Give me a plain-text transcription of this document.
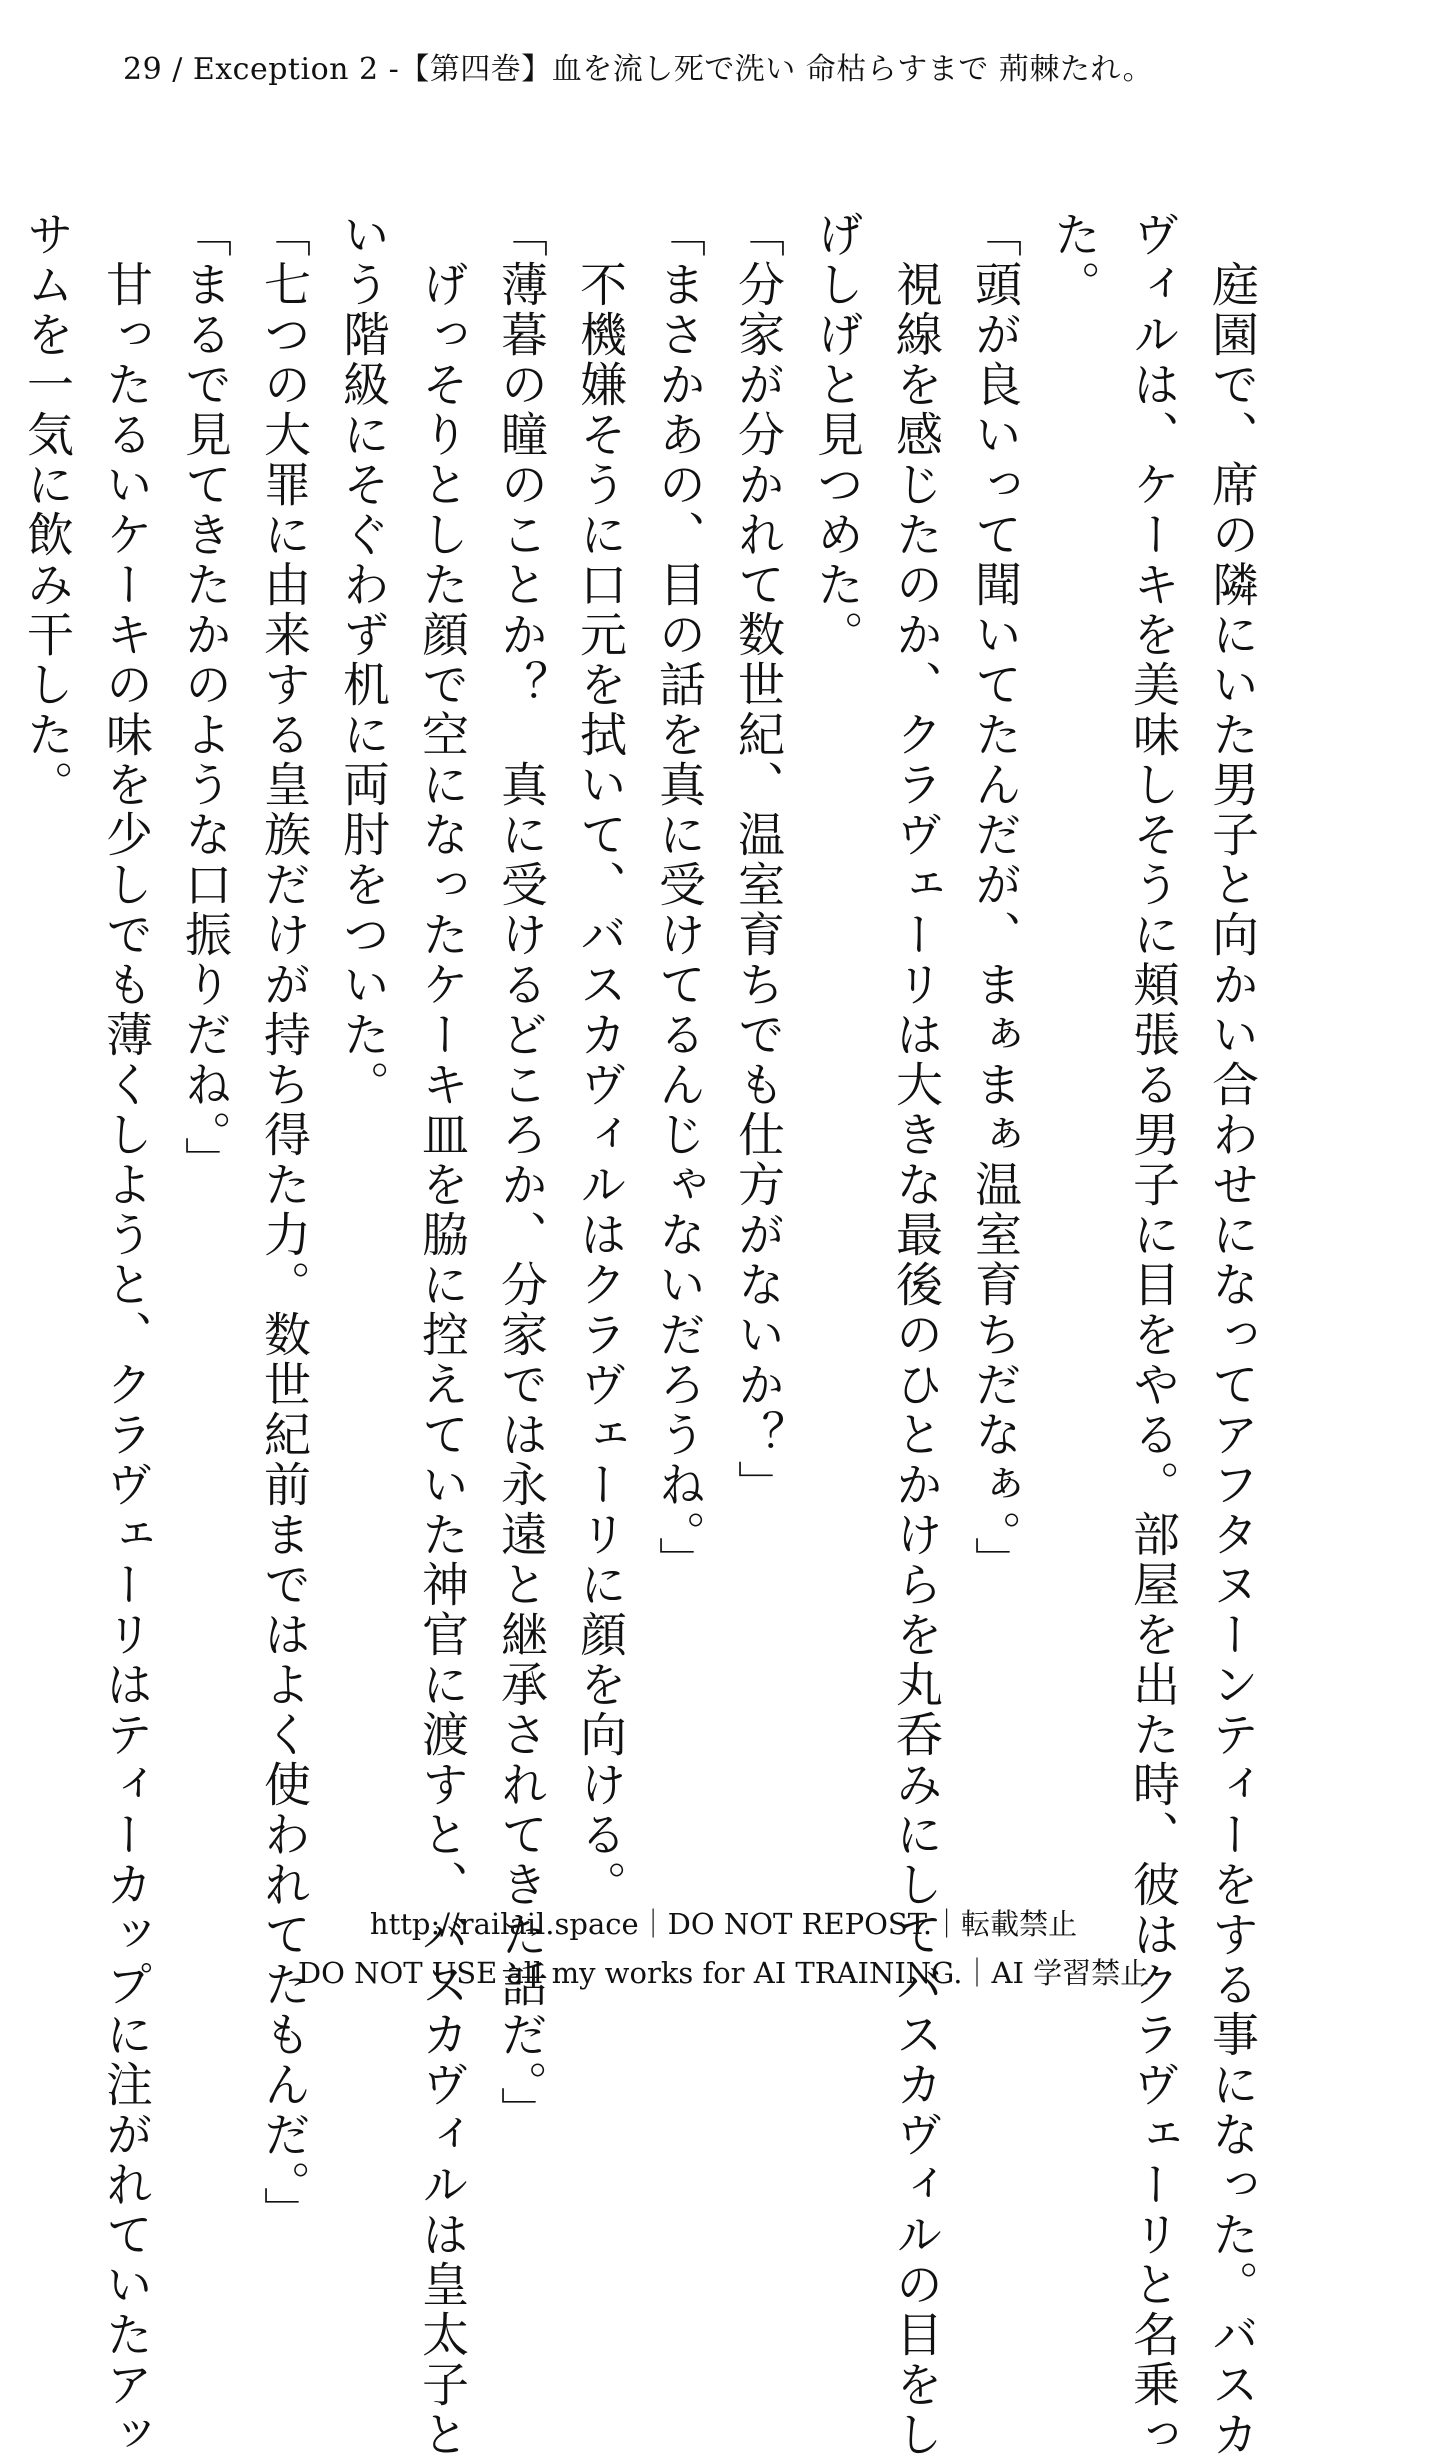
29 / Exception 2 -【第四巻】血を流し死で洗い 命枯らすまで 荊棘たれ。

　庭園で、席の隣にいた男子と向かい合わせになってアフタヌーンティーをする事になった。バスカ

ヴィルは、ケーキを美味しそうに頬張る男子に目をやる。部屋を出た時、彼はクラヴェーリと名乗っ

た。

「頭が良いって聞いてたんだが、まぁまぁ温室育ちだなぁ。」

　視線を感じたのか、クラヴェーリは大きな最後のひとかけらを丸呑みにしてバスカヴィルの目をし

げしげと見つめた。

「分家が分かれて数世紀、温室育ちでも仕方がないか？」

「まさかあの、目の話を真に受けてるんじゃないだろうね。」

　不機嫌そうに口元を拭いて、バスカヴィルはクラヴェーリに顔を向ける。

「薄暮の瞳のことか？　真に受けるどころか、分家では永遠と継承されてきた話だ。」

　げっそりとした顔で空になったケーキ皿を脇に控えていた神官に渡すと、バスカヴィルは皇太子と

いう階級にそぐわず机に両肘をついた。

「七つの大罪に由来する皇族だけが持ち得た力。数世紀前まではよく使われてたもんだ。」

「まるで見てきたかのような口振りだね。」

　甘ったるいケーキの味を少しでも薄くしようと、クラヴェーリはティーカップに注がれていたアッ

サムを一気に飲み干した。

http://railail.space｜DO NOT REPOST.｜転載禁止
DO NOT USE all my works for AI TRAINING.｜AI 学習禁止
